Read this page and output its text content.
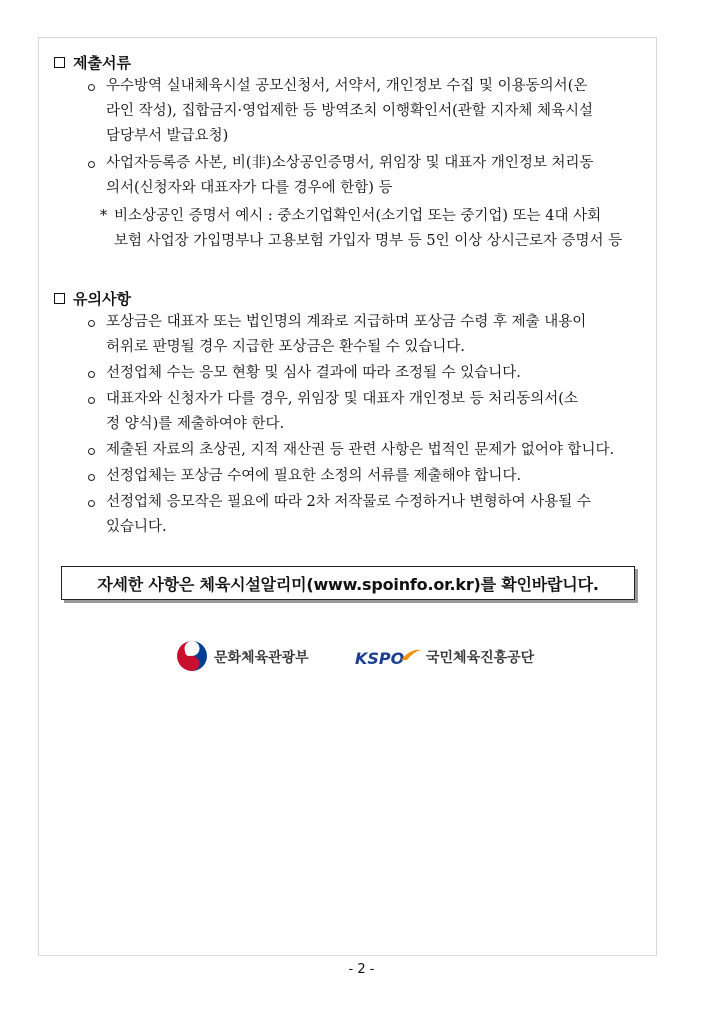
제출서류
우수방역 실내체육시설 공모신청서, 서약서, 개인정보 수집 및 이용동의서(온
라인 작성), 집합금지·영업제한 등 방역조치 이행확인서(관할 지자체 체육시설
담당부서 발급요청)
사업자등록증 사본, 비(非)소상공인증명서, 위임장 및 대표자 개인정보 처리동
의서(신청자와 대표자가 다를 경우에 한함) 등
* 비소상공인 증명서 예시 : 중소기업확인서(소기업 또는 중기업) 또는 4대 사회
보험 사업장 가입명부나 고용보험 가입자 명부 등 5인 이상 상시근로자 증명서 등
유의사항
포상금은 대표자 또는 법인명의 계좌로 지급하며 포상금 수령 후 제출 내용이
허위로 판명될 경우 지급한 포상금은 환수될 수 있습니다.
선정업체 수는 응모 현황 및 심사 결과에 따라 조정될 수 있습니다.
대표자와 신청자가 다를 경우, 위임장 및 대표자 개인정보 등 처리동의서(소
정 양식)를 제출하여야 한다.
제출된 자료의 초상권, 지적 재산권 등 관련 사항은 법적인 문제가 없어야 합니다.
선정업체는 포상금 수여에 필요한 소정의 서류를 제출해야 합니다.
선정업체 응모작은 필요에 따라 2차 저작물로 수정하거나 변형하여 사용될 수
있습니다.
자세한 사항은 체육시설알리미(www.spoinfo.or.kr)를 확인바랍니다.
문화체육관광부	KSPO 국민체육진흥공단
- 2 -
